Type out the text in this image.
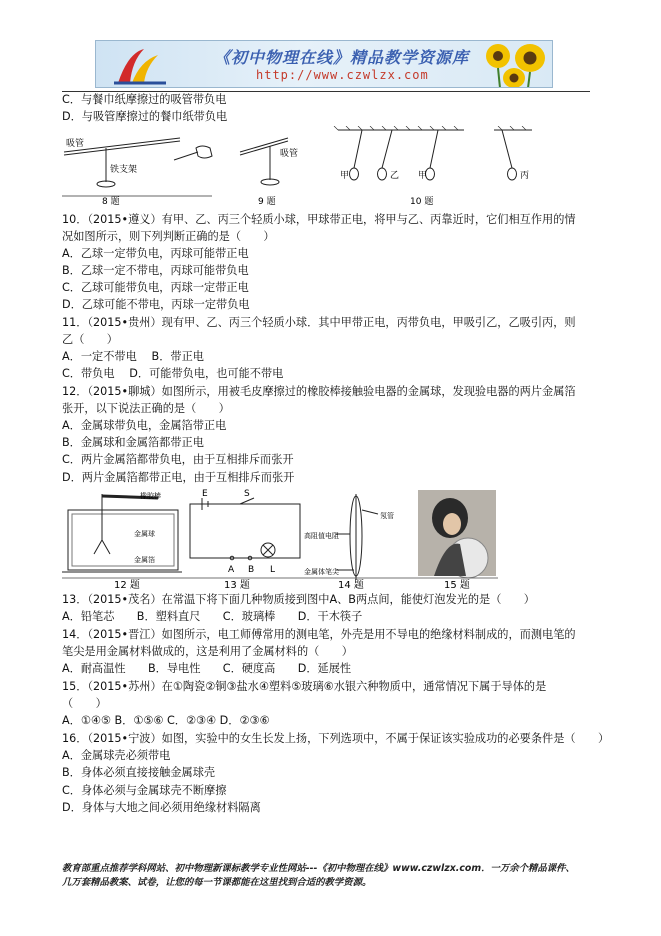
《初中物理在线》精品教学资源库
http://www.czwlzx.com
C．与餐巾纸摩擦过的吸管带负电
D．与吸管摩擦过的餐巾纸带负电
吸管
铁支架
吸管
甲	乙 甲	丙
8 题	9 题	10 题
10．（2015•遵义）有甲、乙、丙三个轻质小球，甲球带正电，将甲与乙、丙靠近时，它们相互作用的情
况如图所示，则下列判断正确的是（　　）
A．乙球一定带负电，丙球可能带正电
B．乙球一定不带电，丙球可能带负电
C．乙球可能带负电，丙球一定带正电
D．乙球可能不带电，丙球一定带负电
11．（2015•贵州）现有甲、乙、丙三个轻质小球．其中甲带正电，丙带负电，甲吸引乙，乙吸引丙，则
乙（　　）
A．一定不带电　 B．带正电
C．带负电　 D．可能带负电，也可能不带电
12．（2015•聊城）如图所示，用被毛皮摩擦过的橡胶棒接触验电器的金属球，发现验电器的两片金属箔
张开，以下说法正确的是（　　）
A．金属球带负电，金属箔带正电
B．金属球和金属箔都带正电
C．两片金属箔都带负电，由于互相排斥而张开
D．两片金属箔都带正电，由于互相排斥而张开
橡胶棒
金属球
金属箔
E	S
A B L
氖管
高阻值电阻
金属体笔尖
12 题	13 题	14 题	15 题
13．（2015•茂名）在常温下将下面几种物质接到图中A、B两点间，能使灯泡发光的是（　　）
A．铅笔芯　　B．塑料直尺　　C．玻璃棒　　D．干木筷子
14．（2015•晋江）如图所示，电工师傅常用的测电笔，外壳是用不导电的绝缘材料制成的，而测电笔的
笔尖是用金属材料做成的，这是利用了金属材料的（　　）
A．耐高温性　　B．导电性　　C．硬度高　　D．延展性
15．（2015•苏州）在①陶瓷②铜③盐水④塑料⑤玻璃⑥水银六种物质中，通常情况下属于导体的是
（　　）
A．①④⑤ B．①⑤⑥ C．②③④ D．②③⑥
16．（2015•宁波）如图，实验中的女生长发上扬，下列选项中，不属于保证该实验成功的必要条件是（　　）
A．金属球壳必须带电
B．身体必须直接接触金属球壳
C．身体必须与金属球壳不断摩擦
D．身体与大地之间必须用绝缘材料隔离
教育部重点推荐学科网站、初中物理新课标教学专业性网站---《初中物理在线》www.czwlzx.com．一万余个精品课件、
几万套精品教案、试卷，让您的每一节课都能在这里找到合适的教学资源。
